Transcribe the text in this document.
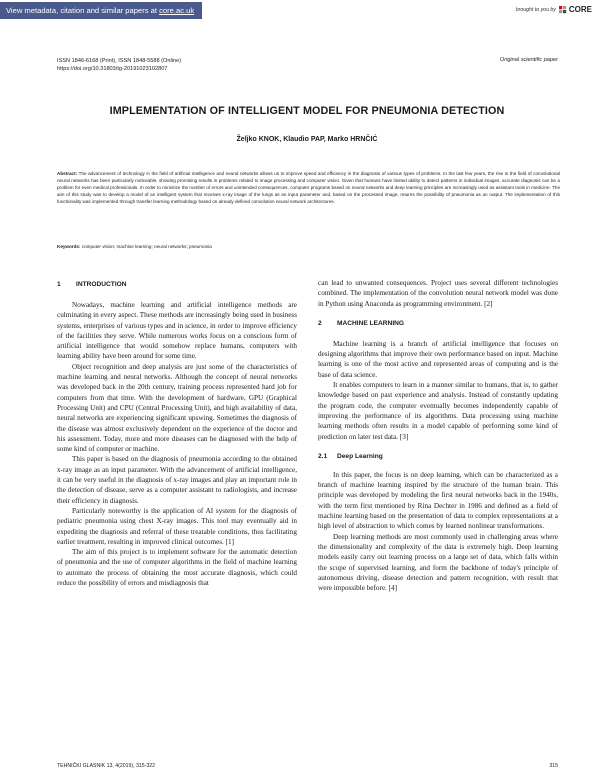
View metadata, citation and similar papers at core.ac.uk	brought to you by CORE
ISSN 1846-6168 (Print), ISSN 1848-5588 (Online)
https://doi.org/10.31803/tg-20191023102807
Original scientific paper
IMPLEMENTATION OF INTELLIGENT MODEL FOR PNEUMONIA DETECTION
Željko KNOK, Klaudio PAP, Marko HRNČIĆ
Abstract: The advancement of technology in the field of artificial intelligence and neural networks allows us to improve speed and efficiency in the diagnosis of various types of problems. In the last few years, the rise in the field of convolutional neural networks has been particularly noticeable, showing promising results in problems related to image processing and computer vision. Given that humans have limited ability to detect patterns in individual images, accurate diagnosis can be a problem for even medical professionals. In order to minimize the number of errors and unintended consequences, computer programs based on neural networks and deep learning principles are increasingly used as assistant tools in medicine. The aim of this study was to develop a model of an intelligent system that receives x-ray image of the lungs as an input parameter and, based on the processed image, returns the possibility of pneumonia as an output. The implementation of this functionality was implemented through transfer learning methodology based on already defined convolution neural network architectures.
Keywords: computer vision; machine learning; neural networks; pneumonia
1 INTRODUCTION

Nowadays, machine learning and artificial intelligence methods are culminating in every aspect. These methods are increasingly being used in business systems, enterprises of various types and in science, in order to improve efficiency of the facilities they serve. While numerous works focus on a conscious form of artificial intelligence that would somehow replace humans, computers with learning ability have been around for some time.

Object recognition and deep analysis are just some of the characteristics of machine learning and neural networks. Although the concept of neural networks was developed back in the 20th century, training process represented hard job for computers from that time. With the development of hardware, GPU (Graphical Processing Unit) and CPU (Central Processing Unit), and high availability of data, neural networks are experiencing significant upswing. Sometimes the diagnosis of the disease was almost exclusively dependent on the experience of the doctor and his assessment. Today, more and more diseases can be diagnosed with the help of some kind of computer or machine.

This paper is based on the diagnosis of pneumonia according to the obtained x-ray image as an input parameter. With the advancement of artificial intelligence, it can be very useful in the diagnosis of x-ray images and play an important role in the detection of disease, serve as a computer assistant to radiologists, and increase their efficiency in diagnosis.

Particularly noteworthy is the application of AI system for the diagnosis of pediatric pneumonia using chest X-ray images. This tool may eventually aid in expediting the diagnosis and referral of these treatable conditions, thus facilitating earlier treatment, resulting in improved clinical outcomes. [1]

The aim of this project is to implement software for the automatic detection of pneumonia and the use of computer algorithms in the field of machine learning to automate the process of obtaining the most accurate diagnosis, which could reduce the possibility of errors and misdiagnosis that

can lead to unwanted consequences. Project uses several different technologies combined. The implementation of the convolution neural network model was done in Python using Anaconda as programming environment. [2]

2 MACHINE LEARNING

Machine learning is a branch of artificial intelligence that focuses on designing algorithms that improve their own performance based on input. Machine learning is one of the most active and represented areas of computing and is the base of data science.

It enables computers to learn in a manner similar to humans, that is, to gather knowledge based on past experience and analysis. Instead of constantly updating the program code, the computer eventually becomes independently capable of improving the performance of its algorithms. Data processing using machine learning methods often results in a model capable of performing some kind of prediction on later test data. [3]

2.1 Deep Learning

In this paper, the focus is on deep learning, which can be characterized as a branch of machine learning inspired by the structure of the human brain. This principle was developed by modeling the first neural networks back in the 1940s, with the term first mentioned by Rina Dechter in 1986 and defined as a field of machine learning based on the presentation of data to complex representations at a high level of abstraction to which comes by learned nonlinear transformations.

Deep learning methods are most commonly used in challenging areas where the dimensionality and complexity of the data is extremely high. Deep learning models easily carry out learning process on a large set of data, which falls within the scope of supervised learning, and form the backbone of today's principle of autonomous driving, disease detection and pattern recognition, with result that were impossible before. [4]

TEHNIČKI GLASNIK 13, 4(2019), 315-322	315
